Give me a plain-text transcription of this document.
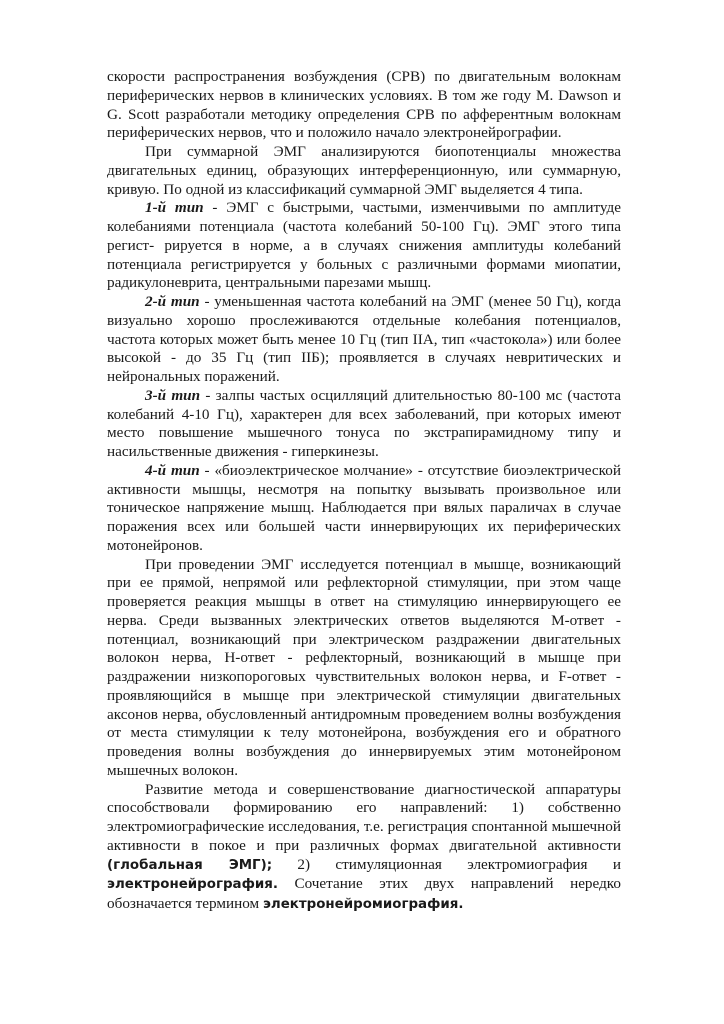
скорости распространения возбуждения (СРВ) по двигательным волокнам периферических нервов в клинических условиях. В том же году M. Dawson и G. Scott разработали методику определения СРВ по афферентным волокнам периферических нервов, что и положило начало электронейрографии.

При суммарной ЭМГ анализируются биопотенциалы множества двигательных единиц, образующих интерференционную, или суммарную, кривую. По одной из классификаций суммарной ЭМГ выделяется 4 типа.

1-й тип - ЭМГ с быстрыми, частыми, изменчивыми по амплитуде колебаниями потенциала (частота колебаний 50-100 Гц). ЭМГ этого типа регист- рируется в норме, а в случаях снижения амплитуды колебаний потенциала регистрируется у больных с различными формами миопатии, радикулоневрита, центральными парезами мышц.

2-й тип - уменьшенная частота колебаний на ЭМГ (менее 50 Гц), когда визуально хорошо прослеживаются отдельные колебания потенциалов, частота которых может быть менее 10 Гц (тип IIA, тип «частокола») или более высокой - до 35 Гц (тип IIБ); проявляется в случаях невритических и нейрональных поражений.

3-й тип - залпы частых осцилляций длительностью 80-100 мс (частота колебаний 4-10 Гц), характерен для всех заболеваний, при которых имеют место повышение мышечного тонуса по экстрапирамидному типу и насильственные движения - гиперкинезы.

4-й тип - «биоэлектрическое молчание» - отсутствие биоэлектрической активности мышцы, несмотря на попытку вызывать произвольное или тоническое напряжение мышц. Наблюдается при вялых параличах в случае поражения всех или большей части иннервирующих их периферических мотонейронов.

При проведении ЭМГ исследуется потенциал в мышце, возникающий при ее прямой, непрямой или рефлекторной стимуляции, при этом чаще проверяется реакция мышцы в ответ на стимуляцию иннервирующего ее нерва. Среди вызванных электрических ответов выделяются М-ответ - потенциал, возникающий при электрическом раздражении двигательных волокон нерва, Н-ответ - рефлекторный, возникающий в мышце при раздражении низкопороговых чувствительных волокон нерва, и F-ответ - проявляющийся в мышце при электрической стимуляции двигательных аксонов нерва, обусловленный антидромным проведением волны возбуждения от места стимуляции к телу мотонейрона, возбуждения его и обратного проведения волны возбуждения до иннервируемых этим мотонейроном мышечных волокон.

Развитие метода и совершенствование диагностической аппаратуры способствовали формированию его направлений: 1) собственно электромиографические исследования, т.е. регистрация спонтанной мышечной активности в покое и при различных формах двигательной активности (глобальная ЭМГ); 2) стимуляционная электромиография и электронейрография. Сочетание этих двух направлений нередко обозначается термином электронейромиография.
